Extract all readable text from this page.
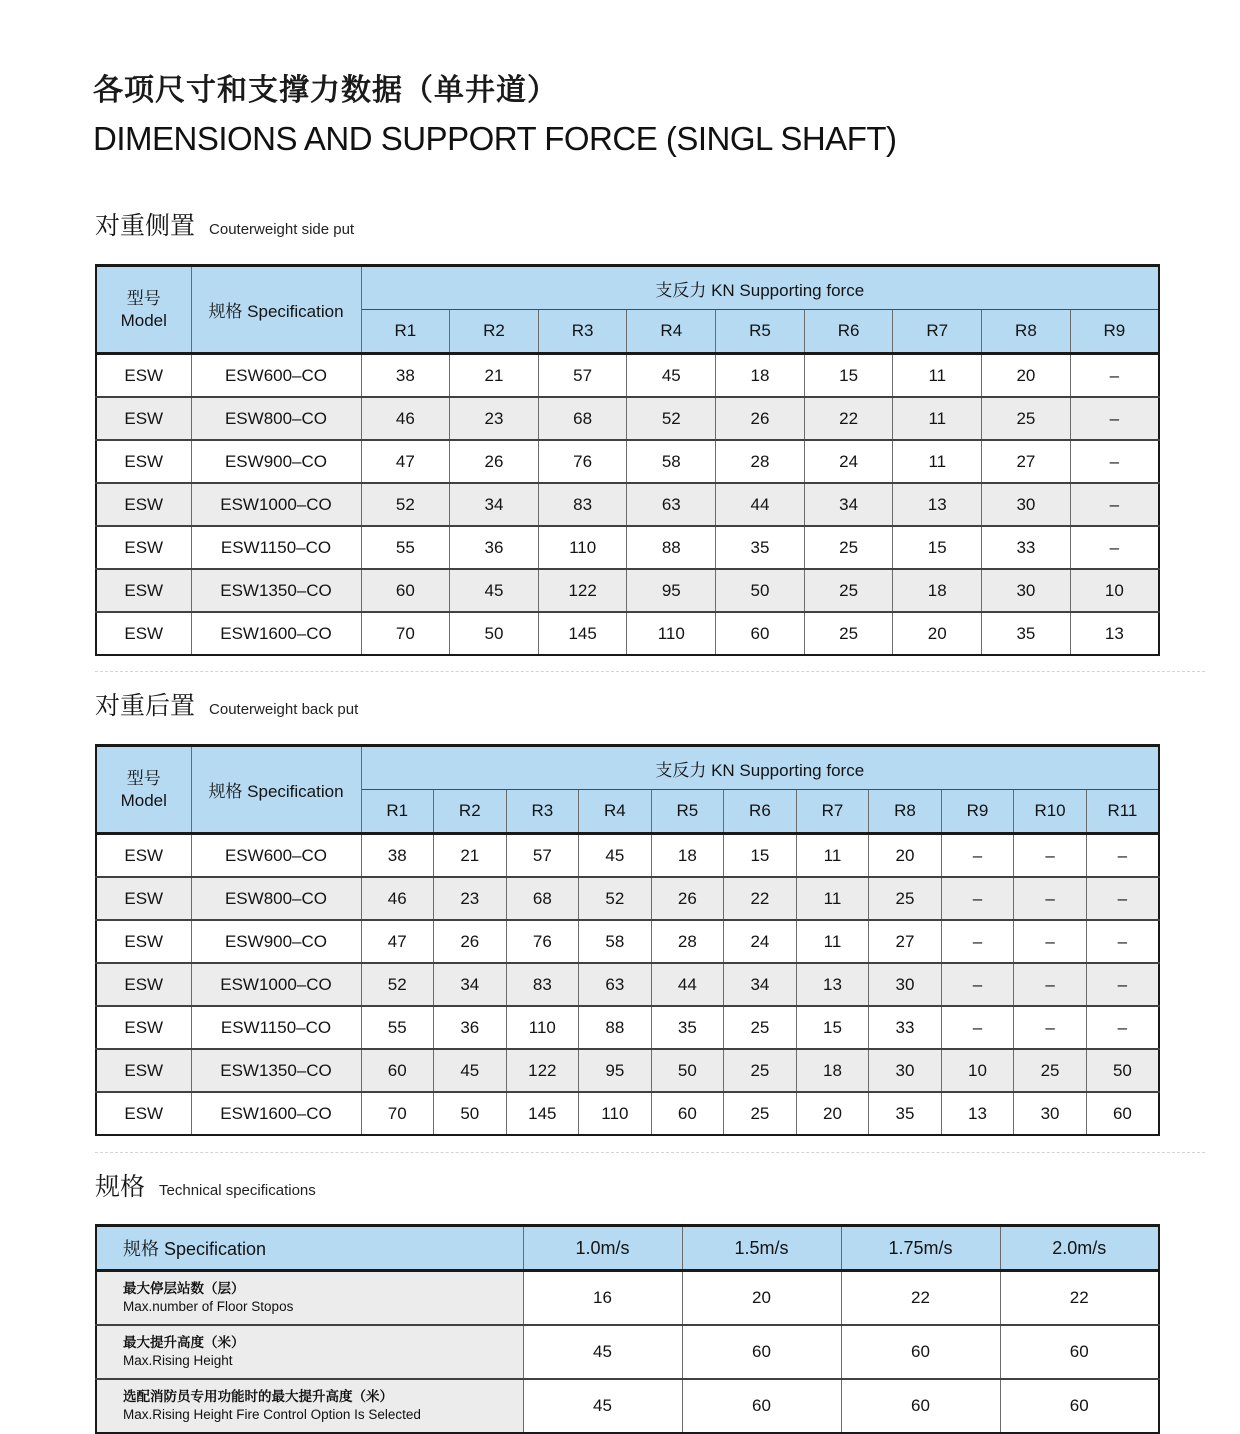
各项尺寸和支撑力数据（单井道）
DIMENSIONS AND SUPPORT FORCE (SINGL SHAFT)
对重侧置 Couterweight side put
型号
Model	规格 Specification	支反力 KN Supporting force								
		R1	R2	R3	R4	R5	R6	R7	R8	R9
ESW	ESW600–CO	38	21	57	45	18	15	11	20	–
ESW	ESW800–CO	46	23	68	52	26	22	11	25	–
ESW	ESW900–CO	47	26	76	58	28	24	11	27	–
ESW	ESW1000–CO	52	34	83	63	44	34	13	30	–
ESW	ESW1150–CO	55	36	110	88	35	25	15	33	–
ESW	ESW1350–CO	60	45	122	95	50	25	18	30	10
ESW	ESW1600–CO	70	50	145	110	60	25	20	35	13
对重后置 Couterweight back put
型号
Model	规格 Specification	支反力 KN Supporting force										
		R1	R2	R3	R4	R5	R6	R7	R8	R9	R10	R11
ESW	ESW600–CO	38	21	57	45	18	15	11	20	–	–	–
ESW	ESW800–CO	46	23	68	52	26	22	11	25	–	–	–
ESW	ESW900–CO	47	26	76	58	28	24	11	27	–	–	–
ESW	ESW1000–CO	52	34	83	63	44	34	13	30	–	–	–
ESW	ESW1150–CO	55	36	110	88	35	25	15	33	–	–	–
ESW	ESW1350–CO	60	45	122	95	50	25	18	30	10	25	50
ESW	ESW1600–CO	70	50	145	110	60	25	20	35	13	30	60
规格 Technical specifications
规格 Specification	1.0m/s	1.5m/s	1.75m/s	2.0m/s

最大停层站数（层）
Max.number of Floor Stopos	16	20	22	22

最大提升高度（米）
Max.Rising Height	45	60	60	60

选配消防员专用功能时的最大提升高度（米）
Max.Rising Height Fire Control Option Is Selected	45	60	60	60
